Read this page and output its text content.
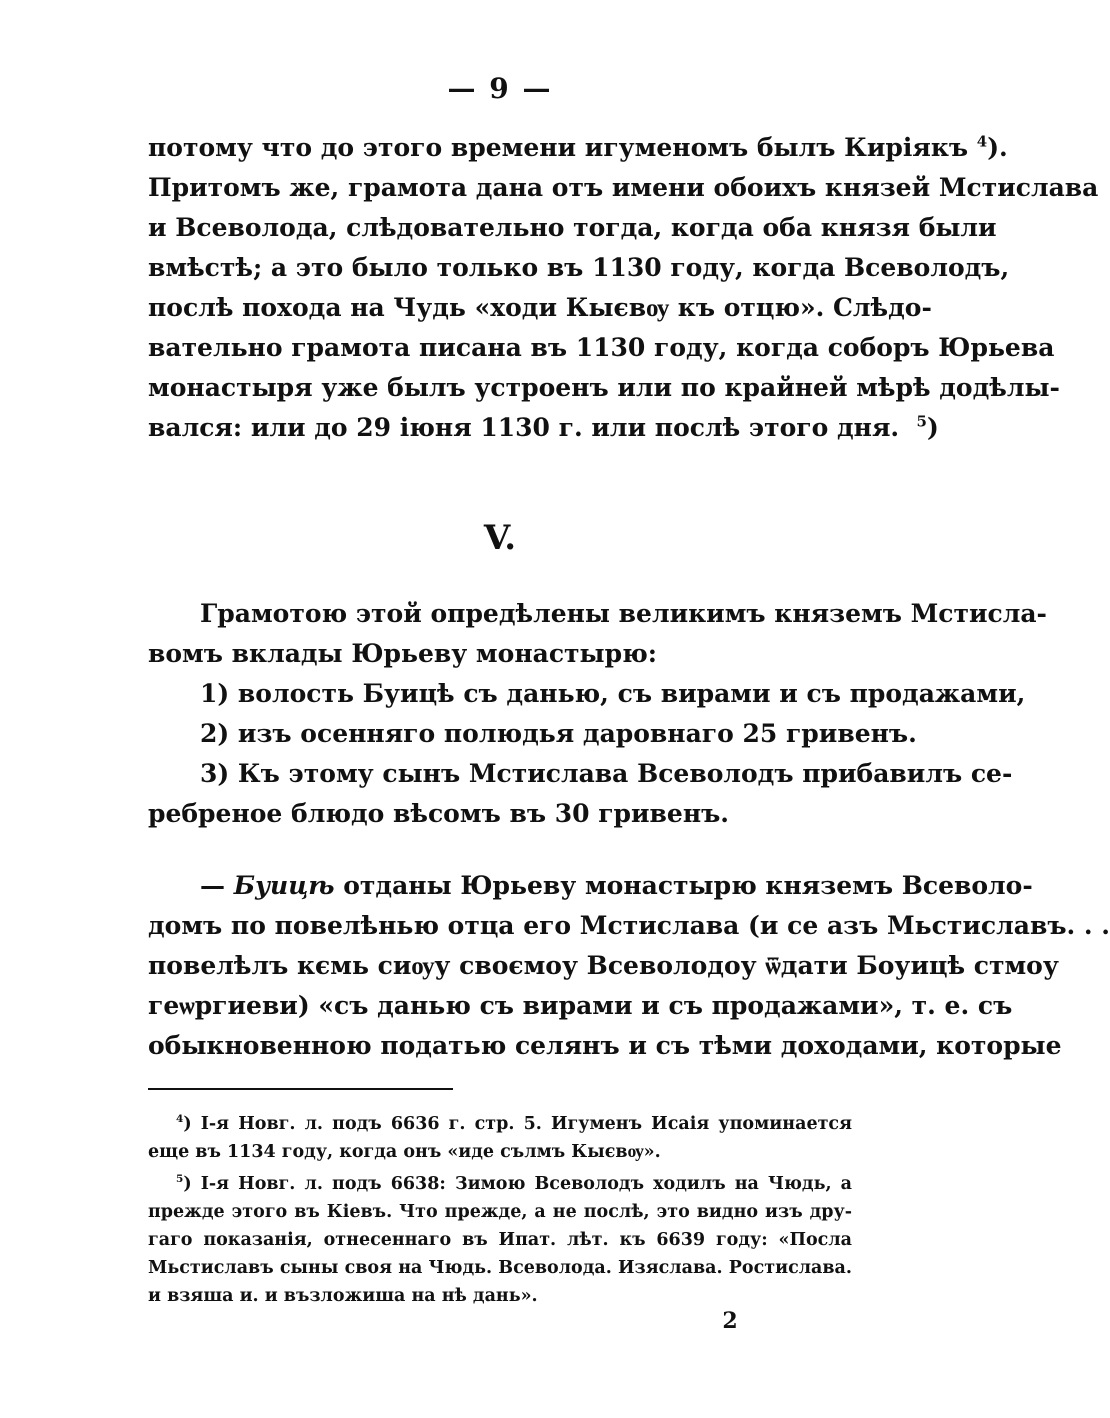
— 9 —
потому что до этого времени игуменомъ былъ Киріякъ $^4$).
Притомъ же, грамота дана отъ имени обоихъ князей Мстислава
и Всеволода, слѣдовательно тогда, когда оба князя были
вмѣстѣ; а это было только въ 1130 году, когда Всеволодъ,
послѣ похода на Чудь «ходи Кыєвѹ къ отцю». Слѣдо-
вательно грамота писана въ 1130 году, когда соборъ Юрьева
монастыря уже былъ устроенъ или по крайней мѣрѣ додѣлы-
вался: или до 29 іюня 1130 г. или послѣ этого дня. $^5$)
V.
Грамотою этой опредѣлены великимъ княземъ Мстисла-
вомъ вклады Юрьеву монастырю:
1) волость Буицѣ съ данью, съ вирами и съ продажами,
2) изъ осенняго полюдья даровнаго 25 гривенъ.
3) Къ этому сынъ Мстислава Всеволодъ прибавилъ се-
ребреное блюдо вѣсомъ въ 30 гривенъ.
— Буицѣ отданы Юрьеву монастырю княземъ Всеволо-
домъ по повелѣнью отца его Мстислава (и се азъ Мьстиславъ. . .
повелѣлъ кємь сиѹу своємоу Всеволодоу ѿдати Боуицѣ стмоу
геѡргиеви) «съ данью съ вирами и съ продажами», т. е. съ
обыкновенною податью селянъ и съ тѣми доходами, которые
$^4$) І-я Новг. л. подъ 6636 г. стр. 5. Игуменъ Исаія упоминается
еще въ 1134 году, когда онъ «иде сълмъ Кыєвѹ».
$^5$) І-я Новг. л. подъ 6638: Зимою Всеволодъ ходилъ на Чюдь, а
прежде этого въ Кіевъ. Что прежде, а не послѣ, это видно изъ дру-
гаго показанія, отнесеннаго въ Ипат. лѣт. къ 6639 году: «Посла
Мьстиславъ сыны своя на Чюдь. Всеволода. Изяслава. Ростислава.
и взяша и. и възложиша на нѣ дань».
2
